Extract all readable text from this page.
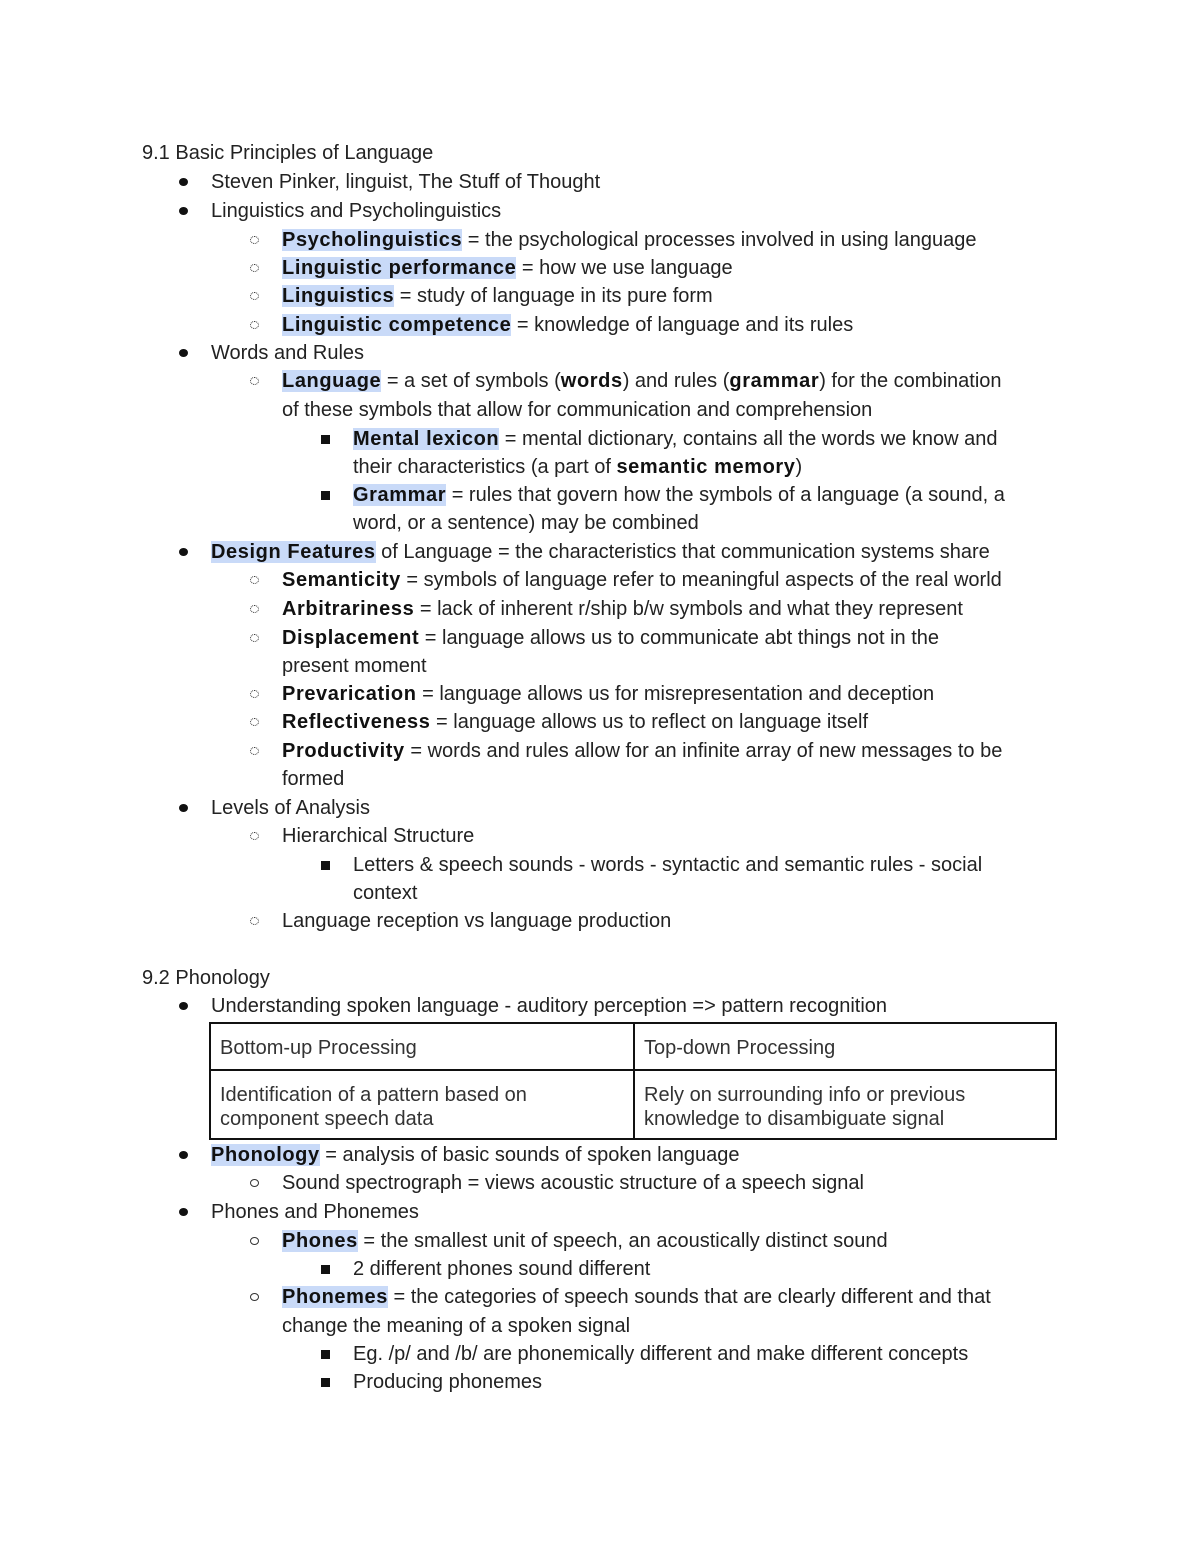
9.1 Basic Principles of Language
Steven Pinker, linguist, The Stuff of Thought
Linguistics and Psycholinguistics
Psycholinguistics = the psychological processes involved in using language
Linguistic performance = how we use language
Linguistics = study of language in its pure form
Linguistic competence = knowledge of language and its rules
Words and Rules
Language = a set of symbols (words) and rules (grammar) for the combination
of these symbols that allow for communication and comprehension
Mental lexicon = mental dictionary, contains all the words we know and
their characteristics (a part of semantic memory)
Grammar = rules that govern how the symbols of a language (a sound, a
word, or a sentence) may be combined
Design Features of Language = the characteristics that communication systems share
Semanticity = symbols of language refer to meaningful aspects of the real world
Arbitrariness = lack of inherent r/ship b/w symbols and what they represent
Displacement = language allows us to communicate abt things not in the
present moment
Prevarication = language allows us for misrepresentation and deception
Reflectiveness = language allows us to reflect on language itself
Productivity = words and rules allow for an infinite array of new messages to be
formed
Levels of Analysis
Hierarchical Structure
Letters & speech sounds - words - syntactic and semantic rules - social
context
Language reception vs language production
9.2 Phonology
Understanding spoken language - auditory perception => pattern recognition
Bottom-up Processing	Top-down Processing
Identification of a pattern based on
component speech data
Rely on surrounding info or previous
knowledge to disambiguate signal
Phonology = analysis of basic sounds of spoken language
Sound spectrograph = views acoustic structure of a speech signal
Phones and Phonemes
Phones = the smallest unit of speech, an acoustically distinct sound
2 different phones sound different
Phonemes = the categories of speech sounds that are clearly different and that
change the meaning of a spoken signal
Eg. /p/ and /b/ are phonemically different and make different concepts
Producing phonemes
